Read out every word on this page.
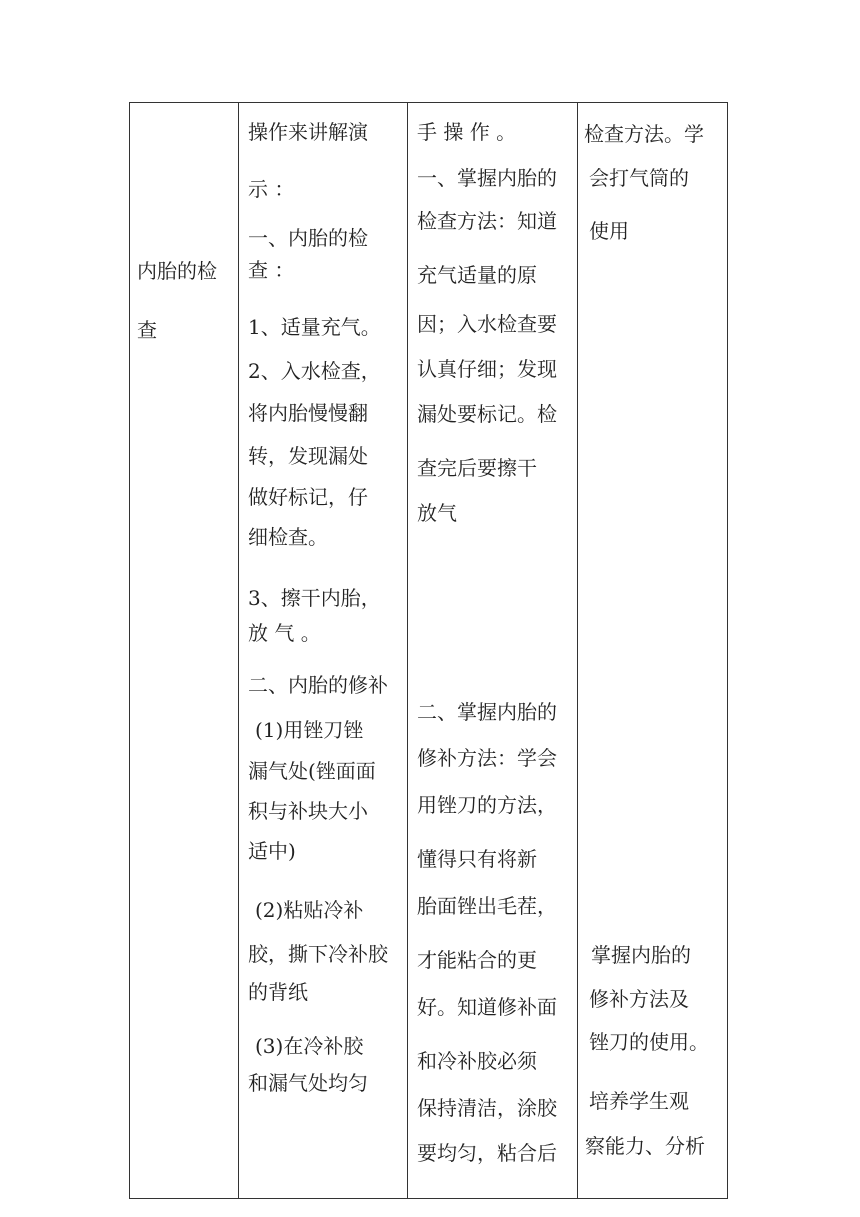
内胎的检
查
操作来讲解演
示 ：
一、内胎的检
查 ：
1、适量充气。
2、入水检查，
将内胎慢慢翻
转，发现漏处
做好标记，仔
细检查。
3、擦干内胎，
放 气 。
二、内胎的修补
(1)用锉刀锉
漏气处(锉面面
积与补块大小
适中)
(2)粘贴冷补
胶，撕下冷补胶
的背纸
(3)在冷补胶
和漏气处均匀
手 操 作 。
一、掌握内胎的
检查方法：知道
充气适量的原
因；入水检查要
认真仔细；发现
漏处要标记。检
查完后要擦干
放气
二、掌握内胎的
修补方法：学会
用锉刀的方法，
懂得只有将新
胎面锉出毛茬，
才能粘合的更
好。知道修补面
和冷补胶必须
保持清洁，涂胶
要均匀，粘合后
检查方法。学
会打气筒的
使用
掌握内胎的
修补方法及
锉刀的使用。
培养学生观
察能力、分析
